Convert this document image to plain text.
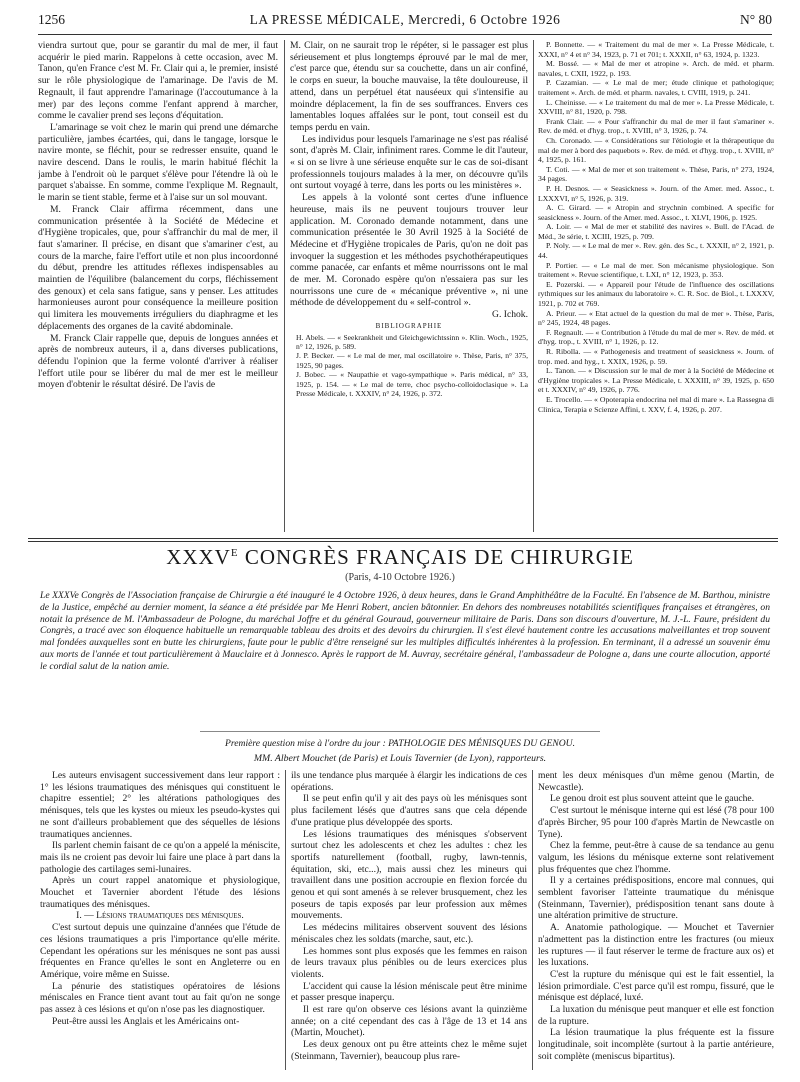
1256	LA PRESSE MÉDICALE, Mercredi, 6 Octobre 1926	N° 80

viendra surtout que, pour se garantir du mal de mer, il faut acquérir le pied marin. Rappelons à cette occasion, avec M. Tanon, qu'en France c'est M. Fr. Clair qui a, le premier, insisté sur le rôle physiologique de l'amarinage. De l'avis de M. Regnault, il faut apprendre l'amarinage (l'accoutumance à la mer) par des leçons comme l'enfant apprend à marcher, comme le cavalier prend ses leçons d'équitation.

L'amarinage se voit chez le marin qui prend une démarche particulière, jambes écartées, qui, dans le tangage, lorsque le navire monte, se fléchit, pour se redresser ensuite, quand le navire descend. Dans le roulis, le marin habitué fléchit la jambe à l'endroit où le parquet s'élève pour l'étendre là où le parquet s'abaisse. En somme, comme l'explique M. Regnault, le marin se tient stable, ferme et à l'aise sur un sol mouvant.

M. Franck Clair affirma récemment, dans une communication présentée à la Société de Médecine et d'Hygiène tropicales, que, pour s'affranchir du mal de mer, il faut s'amariner. Il précise, en disant que s'amariner c'est, au cours de la marche, faire l'effort utile et non plus incoordonné du début, prendre les attitudes réflexes indispensables au maintien de l'équilibre (balancement du corps, fléchissement des genoux) et cela sans fatigue, sans y penser. Les attitudes harmonieuses auront pour conséquence la meilleure position qui limitera les mouvements irréguliers du diaphragme et les déplacements des organes de la cavité abdominale.

M. Franck Clair rappelle que, depuis de longues années et après de nombreux auteurs, il a, dans diverses publications, défendu l'opinion que la ferme volonté d'arriver à réaliser l'effort utile pour se libérer du mal de mer est le meilleur moyen d'obtenir le résultat désiré. De l'avis de

M. Clair, on ne saurait trop le répéter, si le passager est plus sérieusement et plus longtemps éprouvé par le mal de mer, c'est parce que, étendu sur sa couchette, dans un air confiné, le corps en sueur, la bouche mauvaise, la tête douloureuse, il attend, dans un perpétuel état nauséeux qui s'intensifie au moindre déplacement, la fin de ses souffrances. Envers ces lamentables loques affalées sur le pont, tout conseil est du temps perdu en vain.

Les individus pour lesquels l'amarinage ne s'est pas réalisé sont, d'après M. Clair, infiniment rares. Comme le dit l'auteur, « si on se livre à une sérieuse enquête sur le cas de soi-disant professionnels toujours malades à la mer, on découvre qu'ils ont surtout voyagé à terre, dans les ports ou les ministères ».

Les appels à la volonté sont certes d'une influence heureuse, mais ils ne peuvent toujours trouver leur application. M. Coronado demande notamment, dans une communication présentée le 30 Avril 1925 à la Société de Médecine et d'Hygiène tropicales de Paris, qu'on ne doit pas invoquer la suggestion et les méthodes psychothérapeutiques comme panacée, car enfants et même nourrissons ont le mal de mer. M. Coronado espère qu'on n'essaiera pas sur les nourrissons une cure de « mécanique préventive », ni une méthode de développement du « self-control ».

G. Ichok.

BIBLIOGRAPHIE

H. Abels. — « Seekrankheit und Gleichgewichtssinn ». Klin. Woch., 1925, n° 12, 1926, p. 589.

J. P. Becker. — « Le mal de mer, mal oscillatoire ». Thèse, Paris, n° 375, 1925, 90 pages.

J. Bobec. — « Naupathie et vago-sympathique ». Paris médical, n° 33, 1925, p. 154. — « Le mal de terre, choc psycho-colloidoclasique ». La Presse Médicale, t. XXXIV, n° 24, 1926, p. 372.

P. Bonnette. — « Traitement du mal de mer ». La Presse Médicale, t. XXXI, n° 4 et n° 34, 1923, p. 71 et 701; t. XXXII, n° 63, 1924, p. 1323.

M. Bossé. — « Mal de mer et atropine ». Arch. de méd. et pharm. navales, t. CXII, 1922, p. 193.

P. Cazamian. — « Le mal de mer; étude clinique et pathologique; traitement ». Arch. de méd. et pharm. navales, t. CVIII, 1919, p. 241.

L. Cheinisse. — « Le traitement du mal de mer ». La Presse Médicale, t. XXVIII, n° 81, 1920, p. 798.

Frank Clair. — « Pour s'affranchir du mal de mer il faut s'amariner ». Rev. de méd. et d'hyg. trop., t. XVIII, n° 3, 1926, p. 74.

Ch. Coronado. — « Considérations sur l'étiologie et la thérapeutique du mal de mer à bord des paquebots ». Rev. de méd. et d'hyg. trop., t. XVIII, n° 4, 1925, p. 161.

T. Coti. — « Mal de mer et son traitement ». Thèse, Paris, n° 273, 1924, 34 pages.

P. H. Desnos. — « Seasickness ». Journ. of the Amer. med. Assoc., t. LXXXVI, n° 5, 1926, p. 319.

A. C. Girard. — « Atropin and strychnin combined. A specific for seasickness ». Journ. of the Amer. med. Assoc., t. XLVI, 1906, p. 1925.

A. Loir. — « Mal de mer et stabilité des navires ». Bull. de l'Acad. de Méd., 3e série, t. XCIII, 1925, p. 709.

P. Noly. — « Le mal de mer ». Rev. gén. des Sc., t. XXXII, n° 2, 1921, p. 44.

P. Portier. — « Le mal de mer. Son mécanisme physiologique. Son traitement ». Revue scientifique, t. LXI, n° 12, 1923, p. 353.

E. Pozerski. — « Appareil pour l'étude de l'influence des oscillations rythmiques sur les animaux du laboratoire ». C. R. Soc. de Biol., t. LXXXV, 1921, p. 702 et 769.

A. Prieur. — « Etat actuel de la question du mal de mer ». Thèse, Paris, n° 245, 1924, 48 pages.

F. Regnault. — « Contribution à l'étude du mal de mer ». Rev. de méd. et d'hyg. trop., t. XVIII, n° 1, 1926, p. 12.

R. Ribolla. — « Pathogenesis and treatment of seasickness ». Journ. of trop. med. and hyg., t. XXIX, 1926, p. 59.

L. Tanon. — « Discussion sur le mal de mer à la Société de Médecine et d'Hygiène tropicales ». La Presse Médicale, t. XXXIII, n° 39, 1925, p. 650 et t. XXXIV, n° 49, 1926, p. 776.

E. Trocello. — « Opoterapia endocrina nel mal di mare ». La Rassegna di Clinica, Terapia e Scienze Affini, t. XXV, f. 4, 1926, p. 207.

$XXXV^E$ CONGRÈS FRANÇAIS DE CHIRURGIE
(Paris, 4-10 Octobre 1926.)
Le XXXVe Congrès de l'Association française de Chirurgie a été inauguré le 4 Octobre 1926, à deux heures, dans le Grand Amphithéâtre de la Faculté. En l'absence de M. Barthou, ministre de la Justice, empêché au dernier moment, la séance a été présidée par Me Henri Robert, ancien bâtonnier. En dehors des nombreuses notabilités scientifiques françaises et étrangères, on notait la présence de M. l'Ambassadeur de Pologne, du maréchal Joffre et du général Gouraud, gouverneur militaire de Paris. Dans son discours d'ouverture, M. J.-L. Faure, président du Congrès, a tracé avec son éloquence habituelle un remarquable tableau des droits et des devoirs du chirurgien. Il s'est élevé hautement contre les accusations malveillantes et trop souvent mal fondées auxquelles sont en butte les chirurgiens, faute pour le public d'être renseigné sur les multiples difficultés inhérentes à la profession. En terminant, il a adressé un souvenir ému aux morts de l'année et tout particulièrement à Mauclaire et à Jonnesco. Après le rapport de M. Auvray, secrétaire général, l'ambassadeur de Pologne a, dans une courte allocution, apporté le cordial salut de la nation amie.
Première question mise à l'ordre du jour : PATHOLOGIE DES MÉNISQUES DU GENOU.
MM. Albert Mouchet (de Paris) et Louis Tavernier (de Lyon), rapporteurs.

Les auteurs envisagent successivement dans leur rapport : 1° les lésions traumatiques des ménisques qui constituent le chapitre essentiel; 2° les altérations pathologiques des ménisques, tels que les kystes ou mieux les pseudo-kystes qui ne sont d'ailleurs probablement que des séquelles de lésions traumatiques anciennes.

Ils parlent chemin faisant de ce qu'on a appelé la méniscite, mais ils ne croient pas devoir lui faire une place à part dans la pathologie des cartilages semi-lunaires.

Après un court rappel anatomique et physiologique, Mouchet et Tavernier abordent l'étude des lésions traumatiques des ménisques.

I. — Lésions traumatiques des ménisques.

C'est surtout depuis une quinzaine d'années que l'étude de ces lésions traumatiques a pris l'importance qu'elle mérite. Cependant les opérations sur les ménisques ne sont pas aussi fréquentes en France qu'elles le sont en Angleterre ou en Amérique, voire même en Suisse.

La pénurie des statistiques opératoires de lésions méniscales en France tient avant tout au fait qu'on ne songe pas assez à ces lésions et qu'on n'ose pas les diagnostiquer.

Peut-être aussi les Anglais et les Américains ont-

ils une tendance plus marquée à élargir les indications de ces opérations.

Il se peut enfin qu'il y ait des pays où les ménisques sont plus facilement lésés que d'autres sans que cela dépende d'une pratique plus développée des sports.

Les lésions traumatiques des ménisques s'observent surtout chez les adolescents et chez les adultes : chez les sportifs naturellement (football, rugby, lawn-tennis, équitation, ski, etc...), mais aussi chez les mineurs qui travaillent dans une position accroupie en flexion forcée du genou et qui sont amenés à se relever brusquement, chez les poseurs de tapis exposés par leur profession aux mêmes mouvements.

Les médecins militaires observent souvent des lésions méniscales chez les soldats (marche, saut, etc.).

Les hommes sont plus exposés que les femmes en raison de leurs travaux plus pénibles ou de leurs exercices plus violents.

L'accident qui cause la lésion méniscale peut être minime et passer presque inaperçu.

Il est rare qu'on observe ces lésions avant la quinzième année; on a cité cependant des cas à l'âge de 13 et 14 ans (Martin, Mouchet).

Les deux genoux ont pu être atteints chez le même sujet (Steinmann, Tavernier), beaucoup plus rare-

ment les deux ménisques d'un même genou (Martin, de Newcastle).

Le genou droit est plus souvent atteint que le gauche.

C'est surtout le ménisque interne qui est lésé (78 pour 100 d'après Bircher, 95 pour 100 d'après Martin de Newcastle on Tyne).

Chez la femme, peut-être à cause de sa tendance au genu valgum, les lésions du ménisque externe sont relativement plus fréquentes que chez l'homme.

Il y a certaines prédispositions, encore mal connues, qui semblent favoriser l'atteinte traumatique du ménisque (Steinmann, Tavernier), prédisposition tenant sans doute à une altération primitive de structure.

A. Anatomie pathologique. — Mouchet et Tavernier n'admettent pas la distinction entre les fractures (ou mieux les ruptures — il faut réserver le terme de fracture aux os) et les luxations.

C'est la rupture du ménisque qui est le fait essentiel, la lésion primordiale. C'est parce qu'il est rompu, fissuré, que le ménisque est déplacé, luxé.

La luxation du ménisque peut manquer et elle est fonction de la rupture.

La lésion traumatique la plus fréquente est la fissure longitudinale, soit incomplète (surtout à la partie antérieure, soit complète (meniscus bipartitus).
